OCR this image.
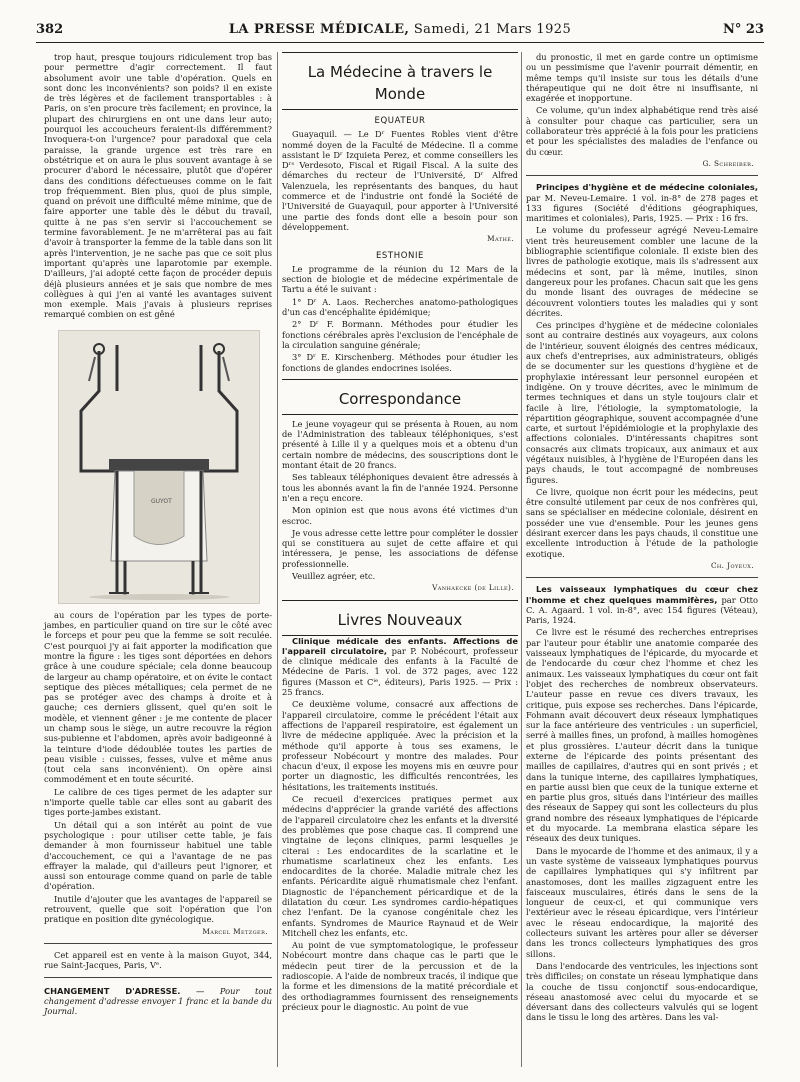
382	LA PRESSE MÉDICALE, Samedi, 21 Mars 1925	N° 23

trop haut, presque toujours ridiculement trop bas pour permettre d'agir correctement. Il faut absolument avoir une table d'opération. Quels en sont donc les inconvénients? son poids? il en existe de très légères et de facilement transportables : à Paris, on s'en procure très facilement; en province, la plupart des chirurgiens en ont une dans leur auto; pourquoi les accoucheurs feraient-ils différemment? Invoquera-t-on l'urgence? pour paradoxal que cela paraisse, la grande urgence est très rare en obstétrique et on aura le plus souvent avantage à se procurer d'abord le nécessaire, plutôt que d'opérer dans des conditions défectueuses comme on le fait trop fréquemment. Bien plus, quoi de plus simple, quand on prévoit une difficulté même minime, que de faire apporter une table dès le début du travail, quitte à ne pas s'en servir si l'accouchement se termine favorablement. Je ne m'arrêterai pas au fait d'avoir à transporter la femme de la table dans son lit après l'intervention, je ne sache pas que ce soit plus important qu'après une laparotomie par exemple. D'ailleurs, j'ai adopté cette façon de procéder depuis déjà plusieurs années et je sais que nombre de mes collègues à qui j'en ai vanté les avantages suivent mon exemple. Mais j'avais à plusieurs reprises remarqué combien on est gêné

GUYOT

au cours de l'opération par les types de porte-jambes, en particulier quand on tire sur le côté avec le forceps et pour peu que la femme se soit reculée. C'est pourquoi j'y ai fait apporter la modification que montre la figure : les tiges sont déportées en dehors grâce à une coudure spéciale; cela donne beaucoup de largeur au champ opératoire, et on évite le contact septique des pièces métalliques; cela permet de ne pas se protéger avec des champs à droite et à gauche; ces derniers glissent, quel qu'en soit le modèle, et viennent gêner : je me contente de placer un champ sous le siège, un autre recouvre la région sus-pubienne et l'abdomen, après avoir badigeonné à la teinture d'iode dédoublée toutes les parties de peau visible : cuisses, fesses, vulve et même anus (tout cela sans inconvénient). On opère ainsi commodément et en toute sécurité.

Le calibre de ces tiges permet de les adapter sur n'importe quelle table car elles sont au gabarit des tiges porte-jambes existant.

Un détail qui a son intérêt au point de vue psychologique : pour utiliser cette table, je fais demander à mon fournisseur habituel une table d'accouchement, ce qui a l'avantage de ne pas effrayer la malade, qui d'ailleurs peut l'ignorer, et aussi son entourage comme quand on parle de table d'opération.

Inutile d'ajouter que les avantages de l'appareil se retrouvent, quelle que soit l'opération que l'on pratique en position dite gynécologique.

Marcel Metzger.

Cet appareil est en vente à la maison Guyot, 344, rue Saint-Jacques, Paris, Vᵉ.

CHANGEMENT D'ADRESSE. — Pour tout changement d'adresse envoyer 1 franc et la bande du Journal.
La Médecine à travers le Monde
EQUATEUR

Guayaquil. — Le Dʳ Fuentes Robles vient d'être nommé doyen de la Faculté de Médecine. Il a comme assistant le Dʳ Izquieta Perez, et comme conseillers les Dʳˢ Verdesoto, Fiscal et Rigail Fiscal. A la suite des démarches du recteur de l'Université, Dʳ Alfred Valenzuela, les représentants des banques, du haut commerce et de l'industrie ont fondé la Société de l'Université de Guayaquil, pour apporter à l'Université une partie des fonds dont elle a besoin pour son développement.

Mathé.
ESTHONIE

Le programme de la réunion du 12 Mars de la section de biologie et de médecine expérimentale de Tartu a été le suivant :

1° Dʳ A. Laos. Recherches anatomo-pathologiques d'un cas d'encéphalite épidémique;

2° Dʳ F. Bormann. Méthodes pour étudier les fonctions cérébrales après l'exclusion de l'encéphale de la circulation sanguine générale;

3° Dʳ E. Kirschenberg. Méthodes pour étudier les fonctions de glandes endocrines isolées.

Correspondance

Le jeune voyageur qui se présenta à Rouen, au nom de l'Administration des tableaux téléphoniques, s'est présenté à Lille il y a quelques mois et a obtenu d'un certain nombre de médecins, des souscriptions dont le montant était de 20 francs.

Ses tableaux téléphoniques devaient être adressés à tous les abonnés avant la fin de l'année 1924. Personne n'en a reçu encore.

Mon opinion est que nous avons été victimes d'un escroc.

Je vous adresse cette lettre pour compléter le dossier qui se constituera au sujet de cette affaire et qui intéressera, je pense, les associations de défense professionnelle.

Veuillez agréer, etc.

Vanhaecke (de Lille).
Livres Nouveaux

Clinique médicale des enfants. Affections de l'appareil circulatoire, par P. Nobécourt, professeur de clinique médicale des enfants à la Faculté de Médecine de Paris. 1 vol. de 372 pages, avec 122 figures (Masson et Cⁱᵉ, éditeurs), Paris 1925. — Prix : 25 francs.

Ce deuxième volume, consacré aux affections de l'appareil circulatoire, comme le précédent l'était aux affections de l'appareil respiratoire, est également un livre de médecine appliquée. Avec la précision et la méthode qu'il apporte à tous ses examens, le professeur Nobécourt y montre des malades. Pour chacun d'eux, il expose les moyens mis en œuvre pour porter un diagnostic, les difficultés rencontrées, les hésitations, les traitements institués.

Ce recueil d'exercices pratiques permet aux médecins d'apprécier la grande variété des affections de l'appareil circulatoire chez les enfants et la diversité des problèmes que pose chaque cas. Il comprend une vingtaine de leçons cliniques, parmi lesquelles je citerai : Les endocardites de la scarlatine et le rhumatisme scarlatineux chez les enfants. Les endocardites de la chorée. Maladie mitrale chez les enfants. Péricardite aiguë rhumatismale chez l'enfant. Diagnostic de l'épanchement péricardique et de la dilatation du cœur. Les syndromes cardio-hépatiques chez l'enfant. De la cyanose congénitale chez les enfants. Syndromes de Maurice Raynaud et de Weir Mitchell chez les enfants, etc.

Au point de vue symptomatologique, le professeur Nobécourt montre dans chaque cas le parti que le médecin peut tirer de la percussion et de la radioscopie. A l'aide de nombreux tracés, il indique que la forme et les dimensions de la matité précordiale et des orthodiagrammes fournissent des renseignements précieux pour le diagnostic. Au point de vue

du pronostic, il met en garde contre un optimisme ou un pessimisme que l'avenir pourrait démentir, en même temps qu'il insiste sur tous les détails d'une thérapeutique qui ne doit être ni insuffisante, ni exagérée et inopportune.

Ce volume, qu'un index alphabétique rend très aisé à consulter pour chaque cas particulier, sera un collaborateur très apprécié à la fois pour les praticiens et pour les spécialistes des maladies de l'enfance ou du cœur.

G. Schreiber.

Principes d'hygiène et de médecine coloniales, par M. Neveu-Lemaire. 1 vol. in-8° de 278 pages et 133 figures (Société d'éditions géographiques, maritimes et coloniales), Paris, 1925. — Prix : 16 frs.

Le volume du professeur agrégé Neveu-Lemaire vient très heureusement combler une lacune de la bibliographie scientifique coloniale. Il existe bien des livres de pathologie exotique, mais ils s'adressent aux médecins et sont, par là même, inutiles, sinon dangereux pour les profanes. Chacun sait que les gens du monde lisant des ouvrages de médecine se découvrent volontiers toutes les maladies qui y sont décrites.

Ces principes d'hygiène et de médecine coloniales sont au contraire destinés aux voyageurs, aux colons de l'intérieur, souvent éloignés des centres médicaux, aux chefs d'entreprises, aux administrateurs, obligés de se documenter sur les questions d'hygiène et de prophylaxie intéressant leur personnel européen et indigène. On y trouve décrites, avec le minimum de termes techniques et dans un style toujours clair et facile à lire, l'étiologie, la symptomatologie, la répartition géographique, souvent accompagnée d'une carte, et surtout l'épidémiologie et la prophylaxie des affections coloniales. D'intéressants chapitres sont consacrés aux climats tropicaux, aux animaux et aux végétaux nuisibles, à l'hygiène de l'Européen dans les pays chauds, le tout accompagné de nombreuses figures.

Ce livre, quoique non écrit pour les médecins, peut être consulté utilement par ceux de nos confrères qui, sans se spécialiser en médecine coloniale, désirent en posséder une vue d'ensemble. Pour les jeunes gens désirant exercer dans les pays chauds, il constitue une excellente introduction à l'étude de la pathologie exotique.

Ch. Joyeux.

Les vaisseaux lymphatiques du cœur chez l'homme et chez quelques mammifères, par Otto C. A. Agaard. 1 vol. in-8°, avec 154 figures (Véteau), Paris, 1924.

Ce livre est le résumé des recherches entreprises par l'auteur pour établir une anatomie comparée des vaisseaux lymphatiques de l'épicarde, du myocarde et de l'endocarde du cœur chez l'homme et chez les animaux. Les vaisseaux lymphatiques du cœur ont fait l'objet des recherches de nombreux observateurs. L'auteur passe en revue ces divers travaux, les critique, puis expose ses recherches. Dans l'épicarde, Fohmann avait découvert deux réseaux lymphatiques sur la face antérieure des ventricules : un superficiel, serré à mailles fines, un profond, à mailles homogènes et plus grossières. L'auteur décrit dans la tunique externe de l'épicarde des points présentant des mailles de capillaires, d'autres qui en sont privés ; et dans la tunique interne, des capillaires lymphatiques, en partie aussi bien que ceux de la tunique externe et en partie plus gros, situés dans l'intérieur des mailles des réseaux de Sappey qui sont les collecteurs du plus grand nombre des réseaux lymphatiques de l'épicarde et du myocarde. La membrana elastica sépare les réseaux des deux tuniques.

Dans le myocarde de l'homme et des animaux, il y a un vaste système de vaisseaux lymphatiques pourvus de capillaires lymphatiques qui s'y infiltrent par anastomoses, dont les mailles zigzaguent entre les faisceaux musculaires, étirés dans le sens de la longueur de ceux-ci, et qui communique vers l'extérieur avec le réseau épicardique, vers l'intérieur avec le réseau endocardique, la majorité des collecteurs suivant les artères pour aller se déverser dans les troncs collecteurs lymphatiques des gros sillons.

Dans l'endocarde des ventricules, les injections sont très difficiles; on constate un réseau lymphatique dans la couche de tissu conjonctif sous-endocardique, réseau anastomosé avec celui du myocarde et se déversant dans des collecteurs valvulés qui se logent dans le tissu le long des artères. Dans les val-
